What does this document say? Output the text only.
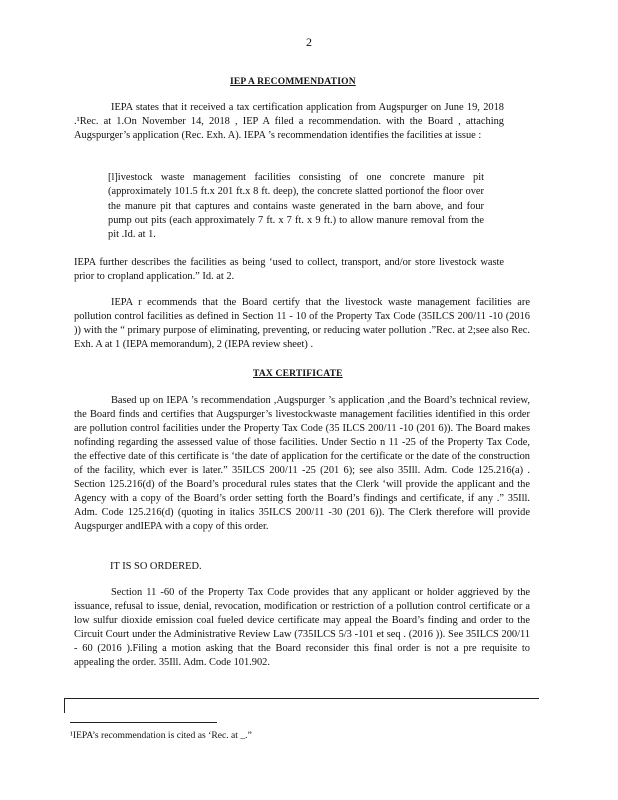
2
IEP A RECOMMENDATION

IEPA states that it received a tax certification application from Augspurger on June 19, 2018 .¹Rec. at 1.On November 14, 2018 , IEP A filed a recommendation. with the Board , attaching Augspurger’s application (Rec. Exh. A). IEPA ’s recommendation identifies the facilities at issue :

[l]ivestock waste management facilities consisting of one concrete manure pit (approximately 101.5 ft.x 201 ft.x 8 ft. deep), the concrete slatted portionof the floor over the manure pit that captures and contains waste generated in the barn above, and four pump out pits (each approximately 7 ft. x 7 ft. x 9 ft.) to allow manure removal from the pit .Id. at 1.

IEPA further describes the facilities as being ‘used to collect, transport, and/or store livestock waste prior to cropland application.” Id. at 2.

IEPA r ecommends that the Board certify that the livestock waste management facilities are pollution control facilities as defined in Section 11 - 10 of the Property Tax Code (35ILCS 200/11 -10 (2016 )) with the “ primary purpose of eliminating, preventing, or reducing water pollution .”Rec. at 2;see also Rec. Exh. A at 1 (IEPA memorandum), 2 (IEPA review sheet) .

TAX CERTIFICATE

Based up on IEPA ’s recommendation ,Augspurger ’s application ,and the Board’s technical review, the Board finds and certifies that Augspurger’s livestockwaste management facilities identified in this order are pollution control facilities under the Property Tax Code (35 ILCS 200/11 -10 (201 6)). The Board makes nofinding regarding the assessed value of those facilities. Under Sectio n 11 -25 of the Property Tax Code, the effective date of this certificate is ‘the date of application for the certificate or the date of the construction of the facility, which ever is later.” 35ILCS 200/11 -25 (201 6); see also 35Ill. Adm. Code 125.216(a) . Section 125.216(d) of the Board’s procedural rules states that the Clerk ‘will provide the applicant and the Agency with a copy of the Board’s order setting forth the Board’s findings and certificate, if any .” 35Ill. Adm. Code 125.216(d) (quoting in italics 35ILCS 200/11 -30 (201 6)). The Clerk therefore will provide Augspurger andIEPA with a copy of this order.

IT IS SO ORDERED.

Section 11 -60 of the Property Tax Code provides that any applicant or holder aggrieved by the issuance, refusal to issue, denial, revocation, modification or restriction of a pollution control certificate or a low sulfur dioxide emission coal fueled device certificate may appeal the Board’s finding and order to the Circuit Court under the Administrative Review Law (735ILCS 5/3 -101 et seq . (2016 )). See 35ILCS 200/11 - 60 (2016 ).Filing a motion asking that the Board reconsider this final order is not a pre requisite to appealing the order. 35Ill. Adm. Code 101.902.

¹IEPA’s recommendation is cited as ‘Rec. at _.”
